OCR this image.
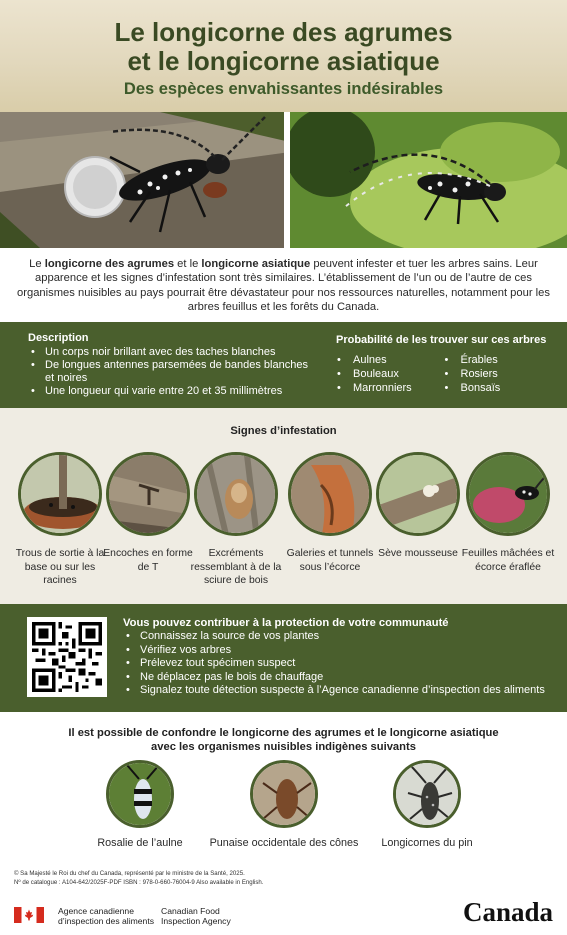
Le longicorne des agrumes
et le longicorne asiatique
Des espèces envahissantes indésirables
Le longicorne des agrumes et le longicorne asiatique peuvent infester et tuer les arbres sains. Leur apparence et les signes d’infestation sont très similaires. L’établissement de l’un ou de l’autre de ces organismes nuisibles au pays pourrait être dévastateur pour nos ressources naturelles, notamment pour les arbres feuillus et les forêts du Canada.
Description
• Un corps noir brillant avec des taches blanches
• De longues antennes parsemées de bandes blanches et noires
• Une longueur qui varie entre 20 et 35 millimètres
Probabilité de les trouver sur ces arbres
• Aulnes
• Bouleaux
• Marronniers
• Érables
• Rosiers
• Bonsaïs
Signes d’infestation
Trous de sortie à la base ou sur les racines
Encoches en forme de T
Excréments ressemblant à de la sciure de bois
Galeries et tunnels sous l’écorce
Sève mousseuse Feuilles mâchées et écorce éraflée
Vous pouvez contribuer à la protection de votre communauté
• Connaissez la source de vos plantes
• Vérifiez vos arbres
• Prélevez tout spécimen suspect
• Ne déplacez pas le bois de chauffage
• Signalez toute détection suspecte à l’Agence canadienne d’inspection des aliments
Il est possible de confondre le longicorne des agrumes et le longicorne asiatique
avec les organismes nuisibles indigènes suivants
Rosalie de l’aulne	Punaise occidentale des cônes	Longicornes du pin
© Sa Majesté le Roi du chef du Canada, représenté par le ministre de la Santé, 2025.
Nº de catalogue : A104-642/2025F-PDF ISBN : 978-0-660-76004-9 Also available in English.
Agence canadienne
d’inspection des aliments
Canadian Food
Inspection Agency	Canada
